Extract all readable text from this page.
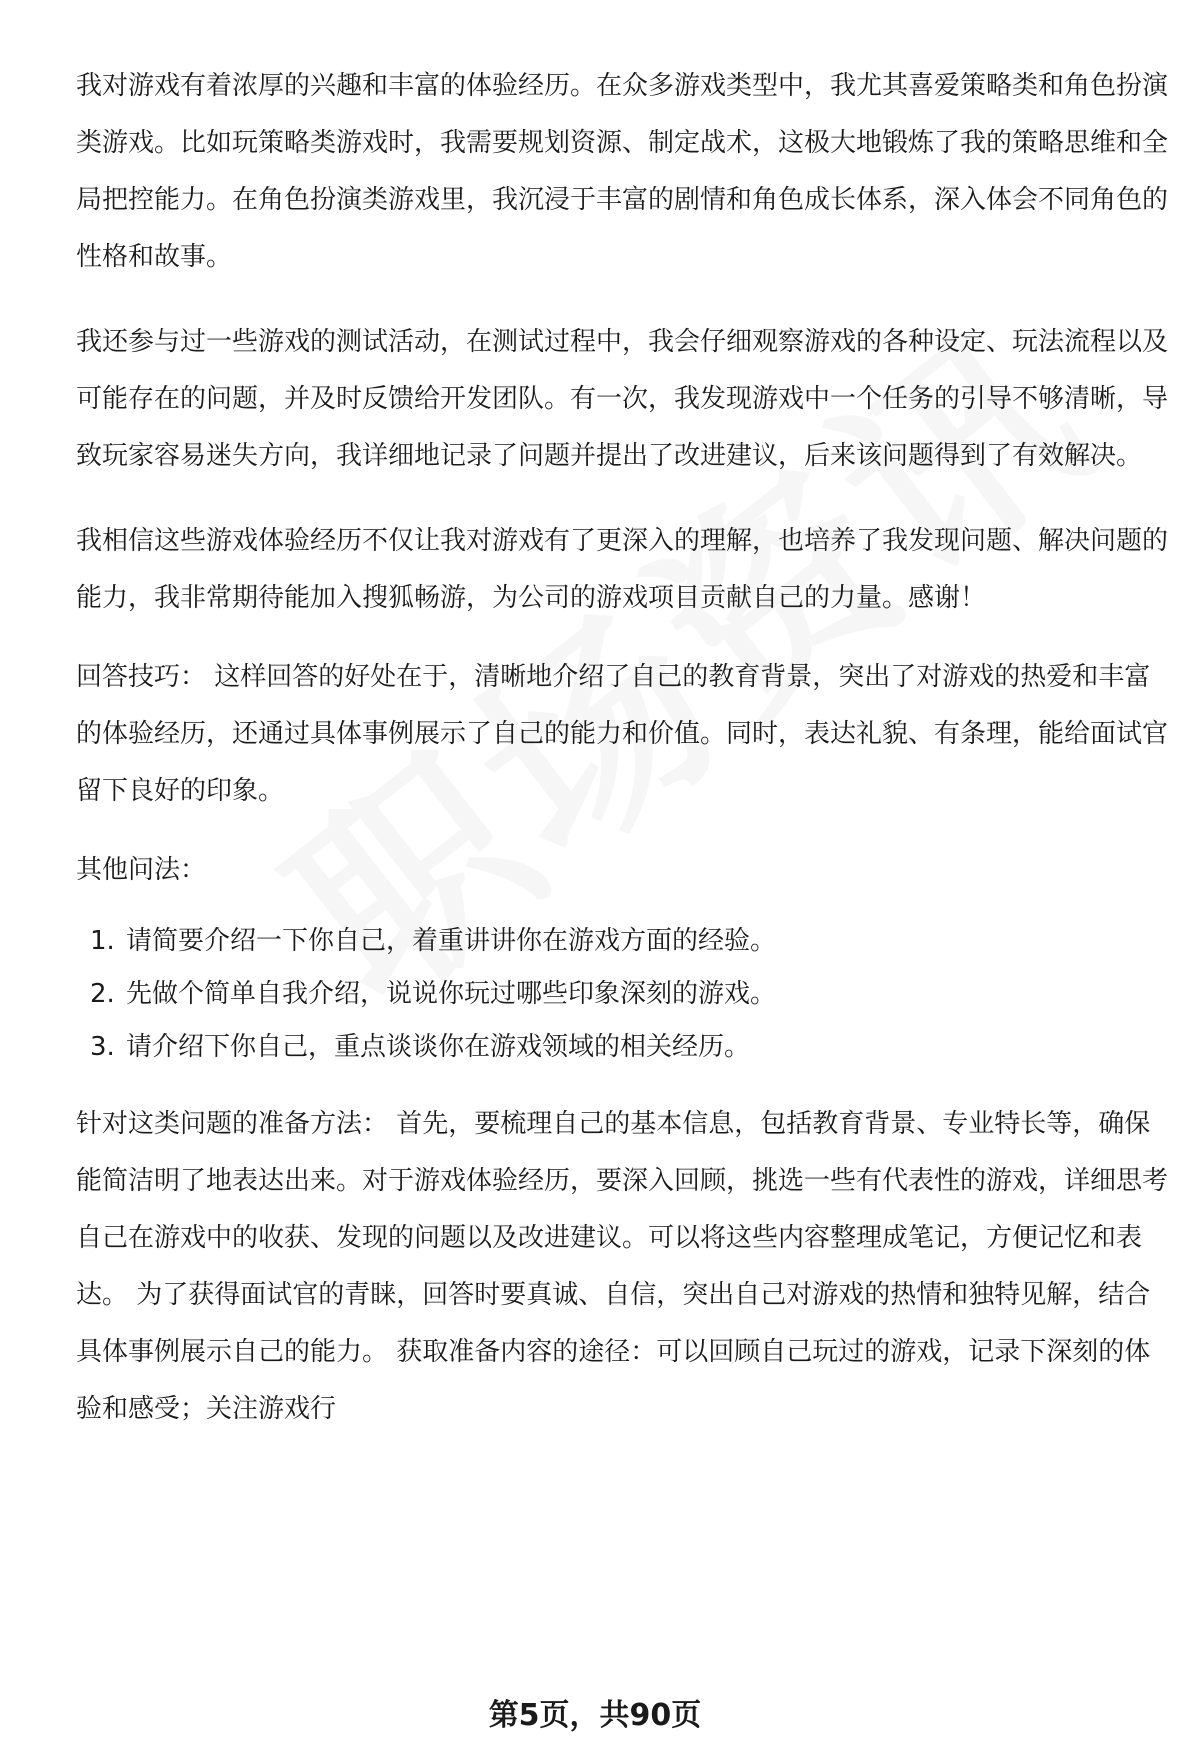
我对游戏有着浓厚的兴趣和丰富的体验经历。在众多游戏类型中，我尤其喜爱策略类和角色扮演类游戏。比如玩策略类游戏时，我需要规划资源、制定战术，这极大地锻炼了我的策略思维和全局把控能力。在角色扮演类游戏里，我沉浸于丰富的剧情和角色成长体系，深入体会不同角色的性格和故事。

我还参与过一些游戏的测试活动，在测试过程中，我会仔细观察游戏的各种设定、玩法流程以及可能存在的问题，并及时反馈给开发团队。有一次，我发现游戏中一个任务的引导不够清晰，导致玩家容易迷失方向，我详细地记录了问题并提出了改进建议，后来该问题得到了有效解决。

我相信这些游戏体验经历不仅让我对游戏有了更深入的理解，也培养了我发现问题、解决问题的能力，我非常期待能加入搜狐畅游，为公司的游戏项目贡献自己的力量。感谢！

回答技巧： 这样回答的好处在于，清晰地介绍了自己的教育背景，突出了对游戏的热爱和丰富的体验经历，还通过具体事例展示了自己的能力和价值。同时，表达礼貌、有条理，能给面试官留下良好的印象。

其他问法：

1. 请简要介绍一下你自己，着重讲讲你在游戏方面的经验。
2. 先做个简单自我介绍，说说你玩过哪些印象深刻的游戏。
3. 请介绍下你自己，重点谈谈你在游戏领域的相关经历。

针对这类问题的准备方法： 首先，要梳理自己的基本信息，包括教育背景、专业特长等，确保能简洁明了地表达出来。对于游戏体验经历，要深入回顾，挑选一些有代表性的游戏，详细思考自己在游戏中的收获、发现的问题以及改进建议。可以将这些内容整理成笔记，方便记忆和表达。 为了获得面试官的青睐，回答时要真诚、自信，突出自己对游戏的热情和独特见解，结合具体事例展示自己的能力。 获取准备内容的途径：可以回顾自己玩过的游戏，记录下深刻的体验和感受；关注游戏行

第5页，共90页
